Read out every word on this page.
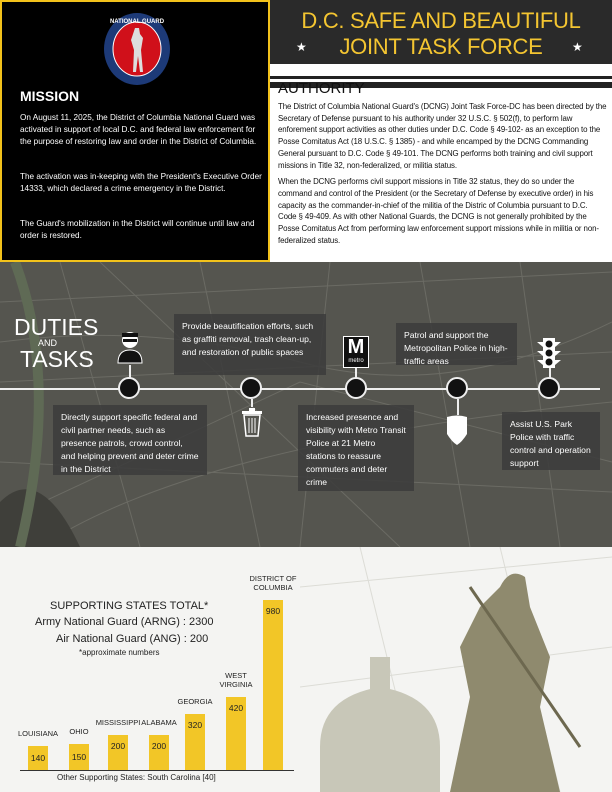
NATIONAL GUARD
MISSION
On August 11, 2025, the District of Columbia National Guard was activated in support of local D.C. and federal law enforcement for the purpose of restoring law and order in the District of Columbia.
The activation was in-keeping with the President's Executive Order 14333, which declared a crime emergency in the District.
The Guard's mobilization in the District will continue until law and order is restored.
D.C. SAFE AND BEAUTIFUL
JOINT TASK FORCE
★	★
AUTHORITY

The District of Columbia National Guard's (DCNG) Joint Task Force-DC has been directed by the Secretary of Defense pursuant to his authority under 32 U.S.C. § 502(f), to perform law enforement support activities as other duties under D.C. Code § 49-102- as an exception to the Posse Comitatus Act (18 U.S.C. § 1385) - and while encamped by the DCNG Commanding General pursuant to D.C. Code § 49-101. The DCNG performs both training and civil support missions in Title 32, non-federalized, or militia status.

When the DCNG performs civil support missions in Title 32 status, they do so under the command and control of the President (or the Secretary of Defense by executive order) in his capacity as the commander-in-chief of the militia of the Distric of Columbia pursuant to D.C. Code § 49-409. As with other National Guards, the DCNG is not generally prohibited by the Posse Comitatus Act from performing law enforcement support missions while in militia or non-federalized status.

DUTIES
AND
TASKS
Directly support specific federal and civil partner needs, such as presence patrols, crowd control, and helping prevent and deter crime in the District
Provide beautification efforts, such as graffiti removal, trash clean-up, and restoration of public spaces	M
metro
Increased presence and visibility with Metro Transit Police at 21 Metro stations to reassure commuters and deter crime
Patrol and support the Metropolitan Police in high-traffic areas
Assist U.S. Park Police with traffic control and operation support
SUPPORTING STATES TOTAL*
Army National Guard (ARNG) : 2300
Air National Guard (ANG) : 200
*approximate numbers
140
LOUISIANA
150
OHIO
200
MISSISSIPPI
200
ALABAMA	320
GEORGIA
420
WEST
VIRGINIA
980
DISTRICT OF
COLUMBIA
Other Supporting States: South Carolina [40]
